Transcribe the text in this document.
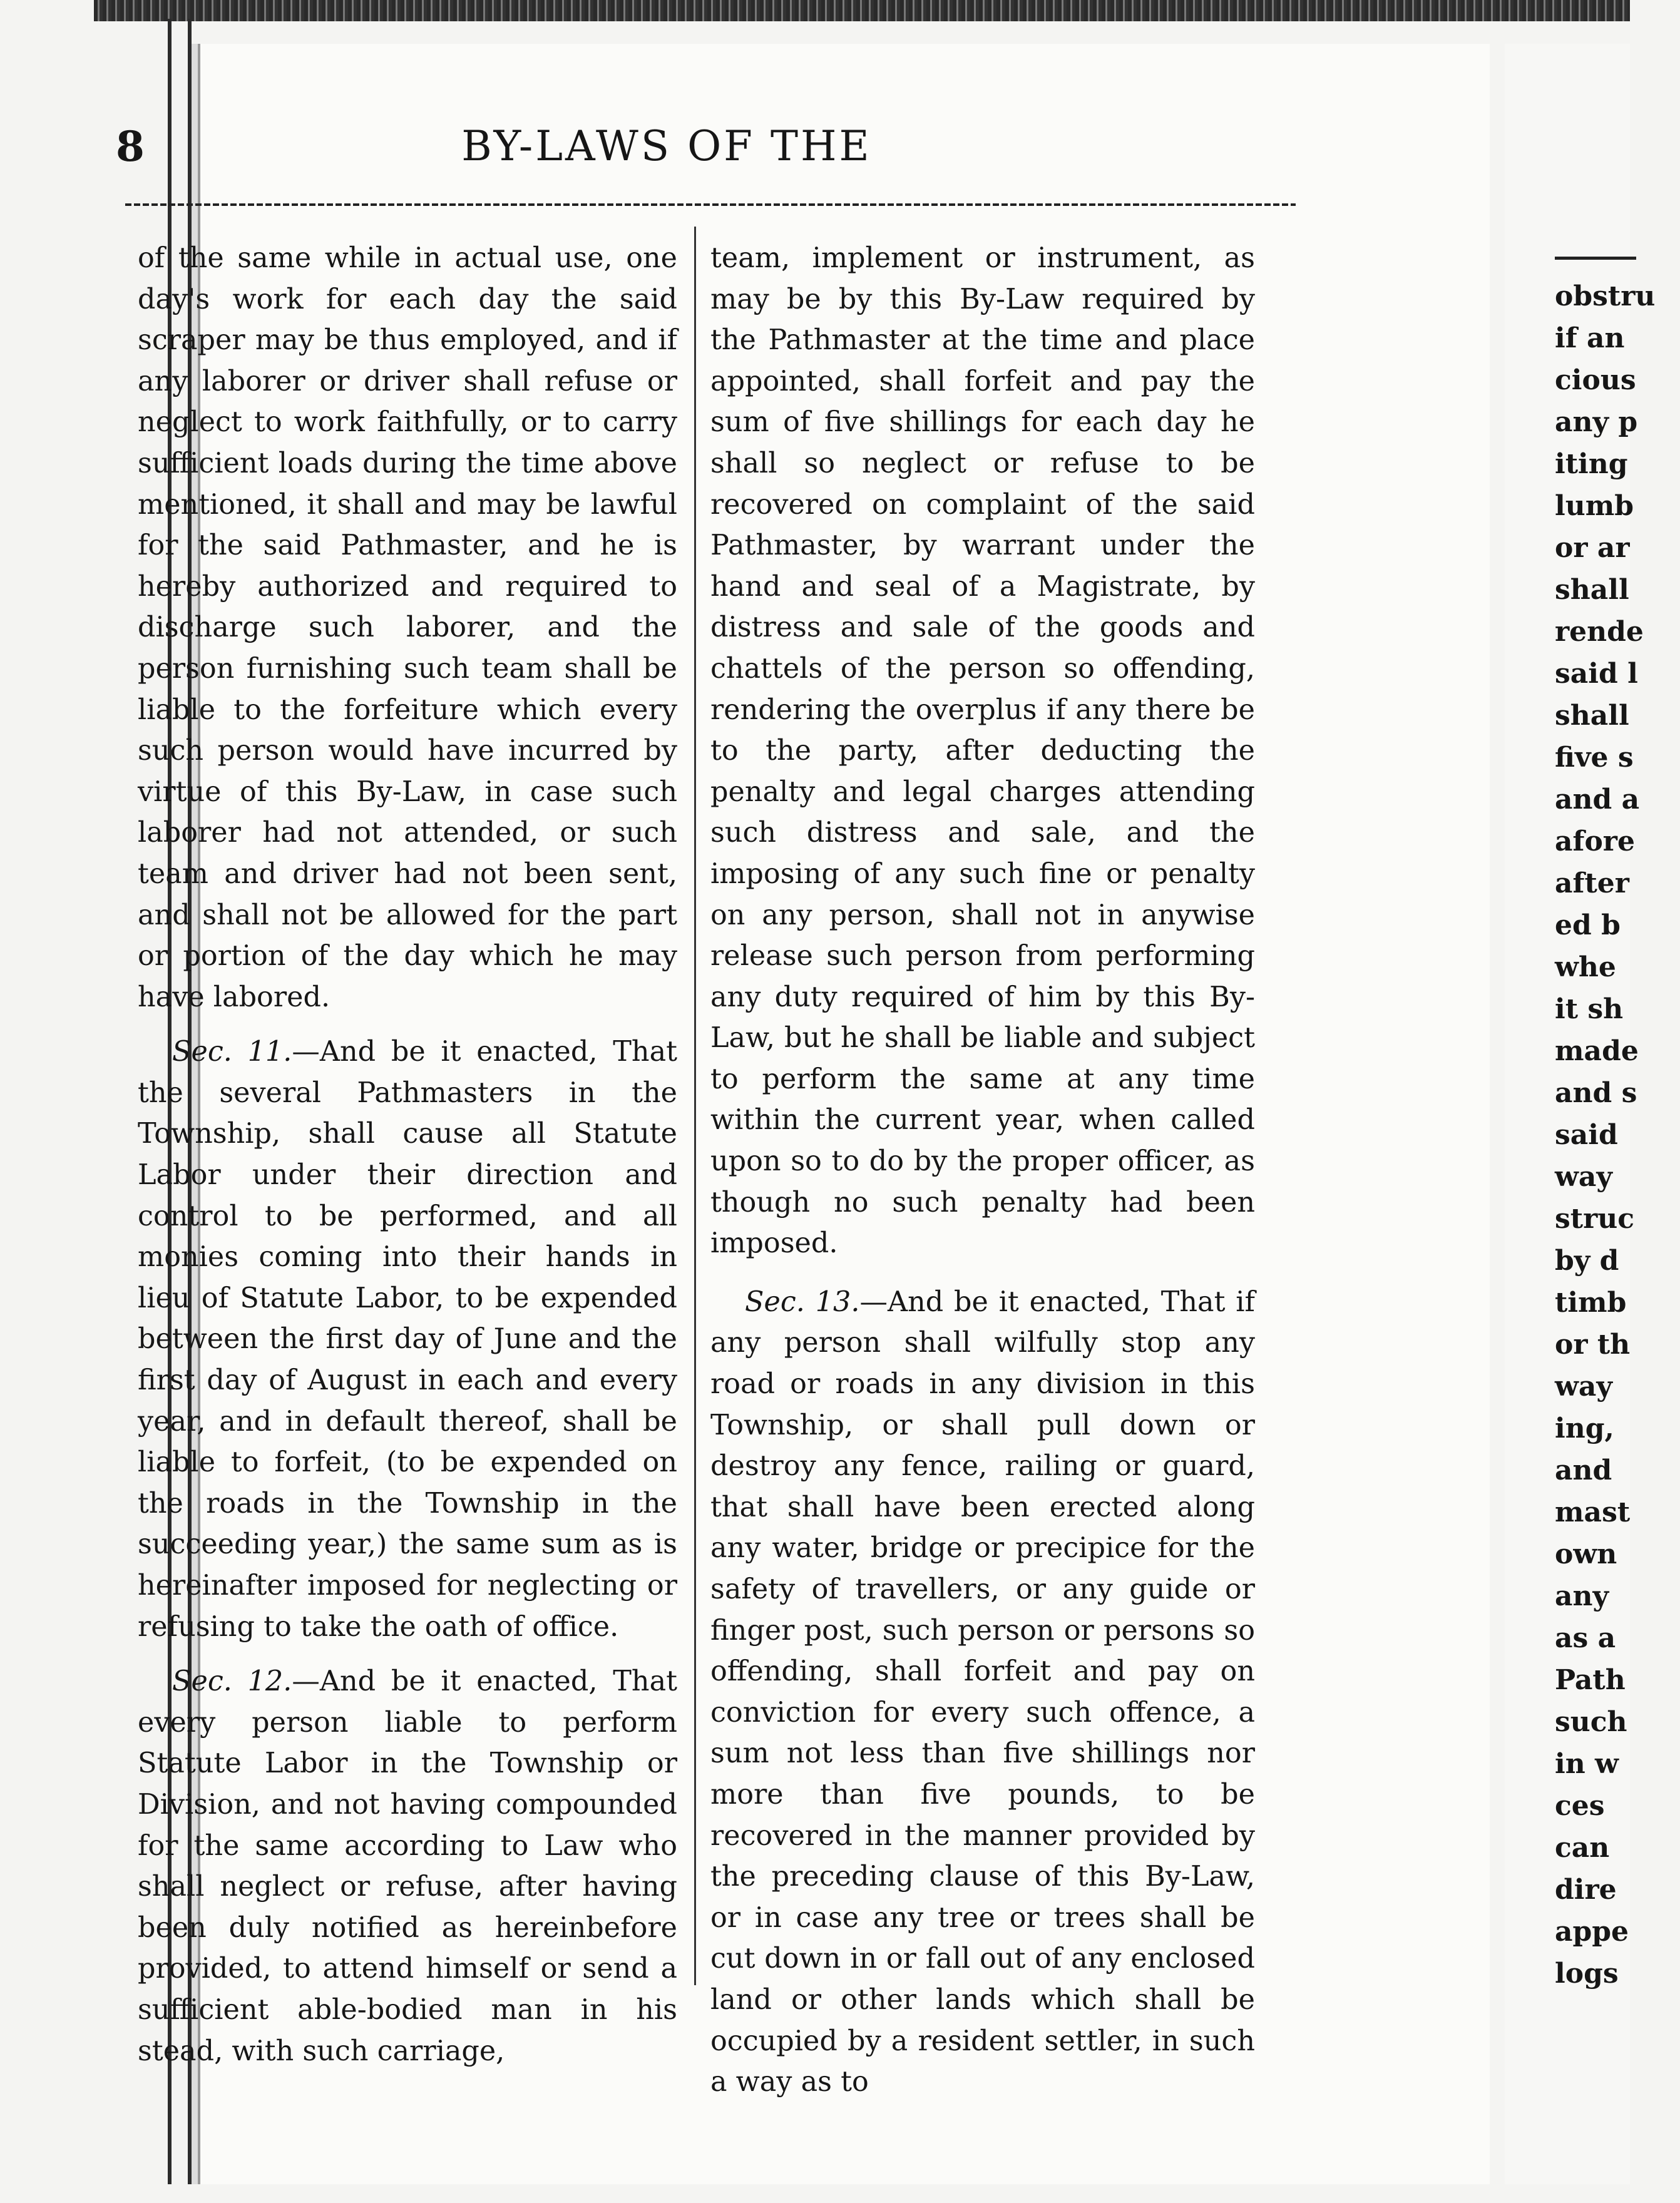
8	BY-LAWS OF THE

of the same while in actual use, one day's work for each day the said scraper may be thus employed, and if any laborer or driver shall refuse or neglect to work faithfully, or to carry sufficient loads during the time above mentioned, it shall and may be lawful for the said Pathmaster, and he is hereby authorized and required to discharge such laborer, and the person furnishing such team shall be liable to the forfeiture which every such person would have incurred by virtue of this By-Law, in case such laborer had not attended, or such team and driver had not been sent, and shall not be allowed for the part or portion of the day which he may have labored.

Sec. 11.—And be it enacted, That the several Pathmasters in the Township, shall cause all Statute Labor under their direction and control to be performed, and all monies coming into their hands in lieu of Statute Labor, to be expended between the first day of June and the first day of August in each and every year, and in default thereof, shall be liable to forfeit, (to be expended on the roads in the Township in the succeeding year,) the same sum as is hereinafter imposed for neglecting or refusing to take the oath of office.

Sec. 12.—And be it enacted, That every person liable to perform Statute Labor in the Township or Division, and not having compounded for the same according to Law who shall neglect or refuse, after having been duly notified as hereinbefore provided, to attend himself or send a sufficient able-bodied man in his stead, with such carriage,

team, implement or instrument, as may be by this By-Law required by the Pathmaster at the time and place appointed, shall forfeit and pay the sum of five shillings for each day he shall so neglect or refuse to be recovered on complaint of the said Pathmaster, by warrant under the hand and seal of a Magistrate, by distress and sale of the goods and chattels of the person so offending, rendering the overplus if any there be to the party, after deducting the penalty and legal charges attending such distress and sale, and the imposing of any such fine or penalty on any person, shall not in anywise release such person from performing any duty required of him by this By-Law, but he shall be liable and subject to perform the same at any time within the current year, when called upon so to do by the proper officer, as though no such penalty had been imposed.

Sec. 13.—And be it enacted, That if any person shall wilfully stop any road or roads in any division in this Township, or shall pull down or destroy any fence, railing or guard, that shall have been erected along any water, bridge or precipice for the safety of travellers, or any guide or finger post, such person or persons so offending, shall forfeit and pay on conviction for every such offence, a sum not less than five shillings nor more than five pounds, to be recovered in the manner provided by the preceding clause of this By-Law, or in case any tree or trees shall be cut down in or fall out of any enclosed land or other lands which shall be occupied by a resident settler, in such a way as to

obstru
if an
cious
any p
iting
lumb
or ar
shall
rende
said l
shall
five s
and a
afore
after
ed b
whe
it sh
made
and s
said
way
struc
by d
timb
or th
way
ing,
and
mast
own
any
as a
Path
such
in w
ces
can
dire
appe
logs
